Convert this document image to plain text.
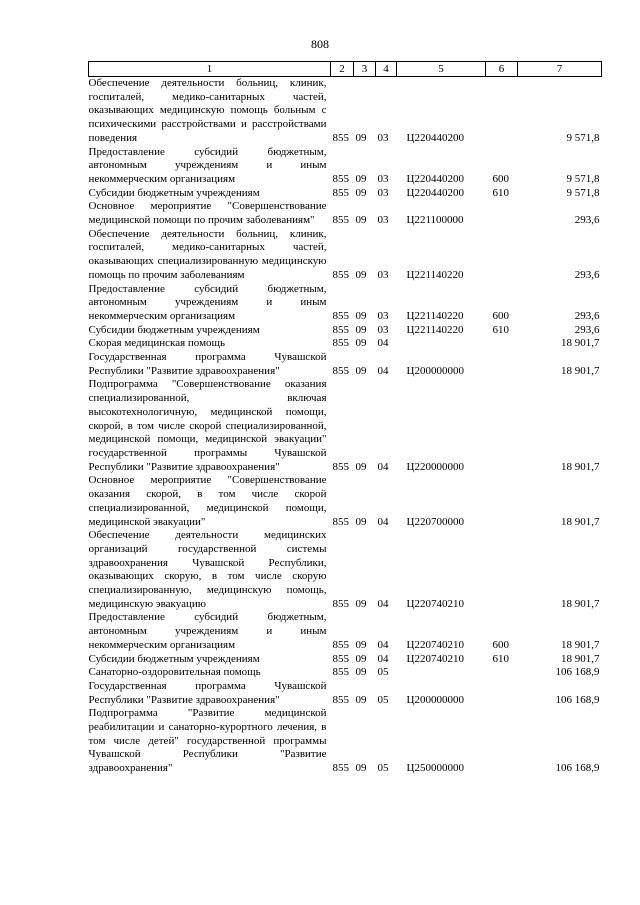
808
1	2	3	4	5	6	7
Обеспечение деятельности больниц, клиник, госпиталей, медико-санитарных частей, оказывающих медицинскую помощь больным с психическими расстройствами и расстройствами поведения	855	09	03	Ц220440200		9 571,8
Предоставление субсидий бюджетным, автономным учреждениям и иным некоммерческим организациям	855	09	03	Ц220440200	600	9 571,8
Субсидии бюджетным учреждениям	855	09	03	Ц220440200	610	9 571,8
Основное мероприятие "Совершенствование медицинской помощи по прочим заболеваниям"	855	09	03	Ц221100000		293,6
Обеспечение деятельности больниц, клиник, госпиталей, медико-санитарных частей, оказывающих специализированную медицинскую помощь по прочим заболеваниям	855	09	03	Ц221140220		293,6
Предоставление субсидий бюджетным, автономным учреждениям и иным некоммерческим организациям	855	09	03	Ц221140220	600	293,6
Субсидии бюджетным учреждениям	855	09	03	Ц221140220	610	293,6
Скорая медицинская помощь	855	09	04			18 901,7
Государственная программа Чувашской Республики "Развитие здравоохранения"	855	09	04	Ц200000000		18 901,7
Подпрограмма "Совершенствование оказания специализированной, включая высокотехнологичную, медицинской помощи, скорой, в том числе скорой специализированной, медицинской помощи, медицинской эвакуации" государственной программы Чувашской Республики "Развитие здравоохранения"	855	09	04	Ц220000000		18 901,7
Основное мероприятие "Совершенствование оказания скорой, в том числе скорой специализированной, медицинской помощи, медицинской эвакуации"	855	09	04	Ц220700000		18 901,7
Обеспечение деятельности медицинских организаций государственной системы здравоохранения Чувашской Республики, оказывающих скорую, в том числе скорую специализированную, медицинскую помощь, медицинскую эвакуацию	855	09	04	Ц220740210		18 901,7
Предоставление субсидий бюджетным, автономным учреждениям и иным некоммерческим организациям	855	09	04	Ц220740210	600	18 901,7
Субсидии бюджетным учреждениям	855	09	04	Ц220740210	610	18 901,7
Санаторно-оздоровительная помощь	855	09	05			106 168,9
Государственная программа Чувашской Республики "Развитие здравоохранения"	855	09	05	Ц200000000		106 168,9
Подпрограмма "Развитие медицинской реабилитации и санаторно-курортного лечения, в том числе детей" государственной программы Чувашской Республики "Развитие здравоохранения"	855	09	05	Ц250000000		106 168,9
